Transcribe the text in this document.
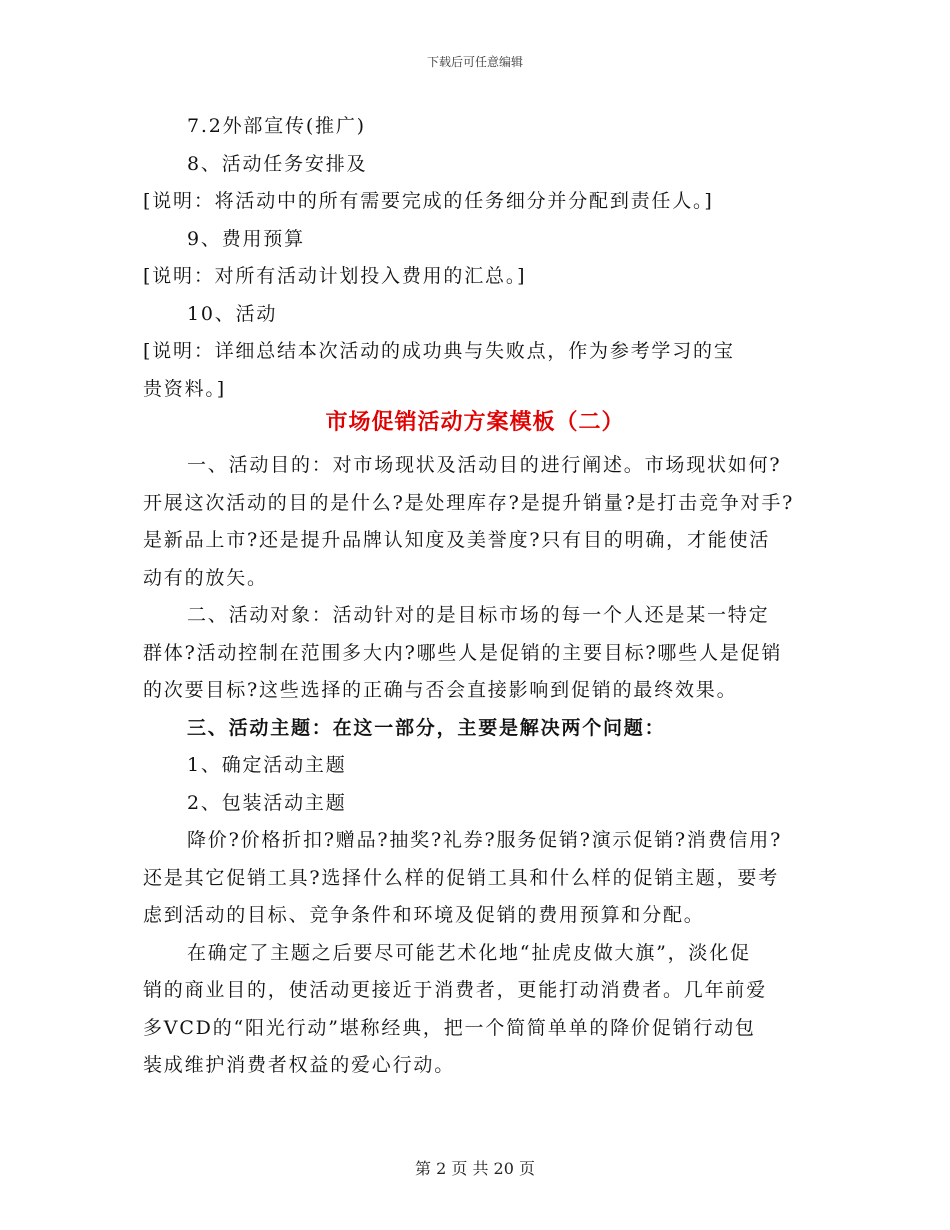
下载后可任意编辑
7.2外部宣传(推广)
8、活动任务安排及
[说明：将活动中的所有需要完成的任务细分并分配到责任人。]
9、费用预算
[说明：对所有活动计划投入费用的汇总。]
10、活动
[说明：详细总结本次活动的成功典与失败点，作为参考学习的宝
贵资料。]
市场促销活动方案模板（二）
一、活动目的：对市场现状及活动目的进行阐述。市场现状如何?
开展这次活动的目的是什么?是处理库存?是提升销量?是打击竞争对手?
是新品上市?还是提升品牌认知度及美誉度?只有目的明确，才能使活
动有的放矢。
二、活动对象：活动针对的是目标市场的每一个人还是某一特定
群体?活动控制在范围多大内?哪些人是促销的主要目标?哪些人是促销
的次要目标?这些选择的正确与否会直接影响到促销的最终效果。
三、活动主题：在这一部分，主要是解决两个问题：
1、确定活动主题
2、包装活动主题
降价?价格折扣?赠品?抽奖?礼券?服务促销?演示促销?消费信用?
还是其它促销工具?选择什么样的促销工具和什么样的促销主题，要考
虑到活动的目标、竞争条件和环境及促销的费用预算和分配。
在确定了主题之后要尽可能艺术化地“扯虎皮做大旗”，淡化促
销的商业目的，使活动更接近于消费者，更能打动消费者。几年前爱
多VCD的“阳光行动”堪称经典，把一个简简单单的降价促销行动包
装成维护消费者权益的爱心行动。
第 2 页 共 20 页
